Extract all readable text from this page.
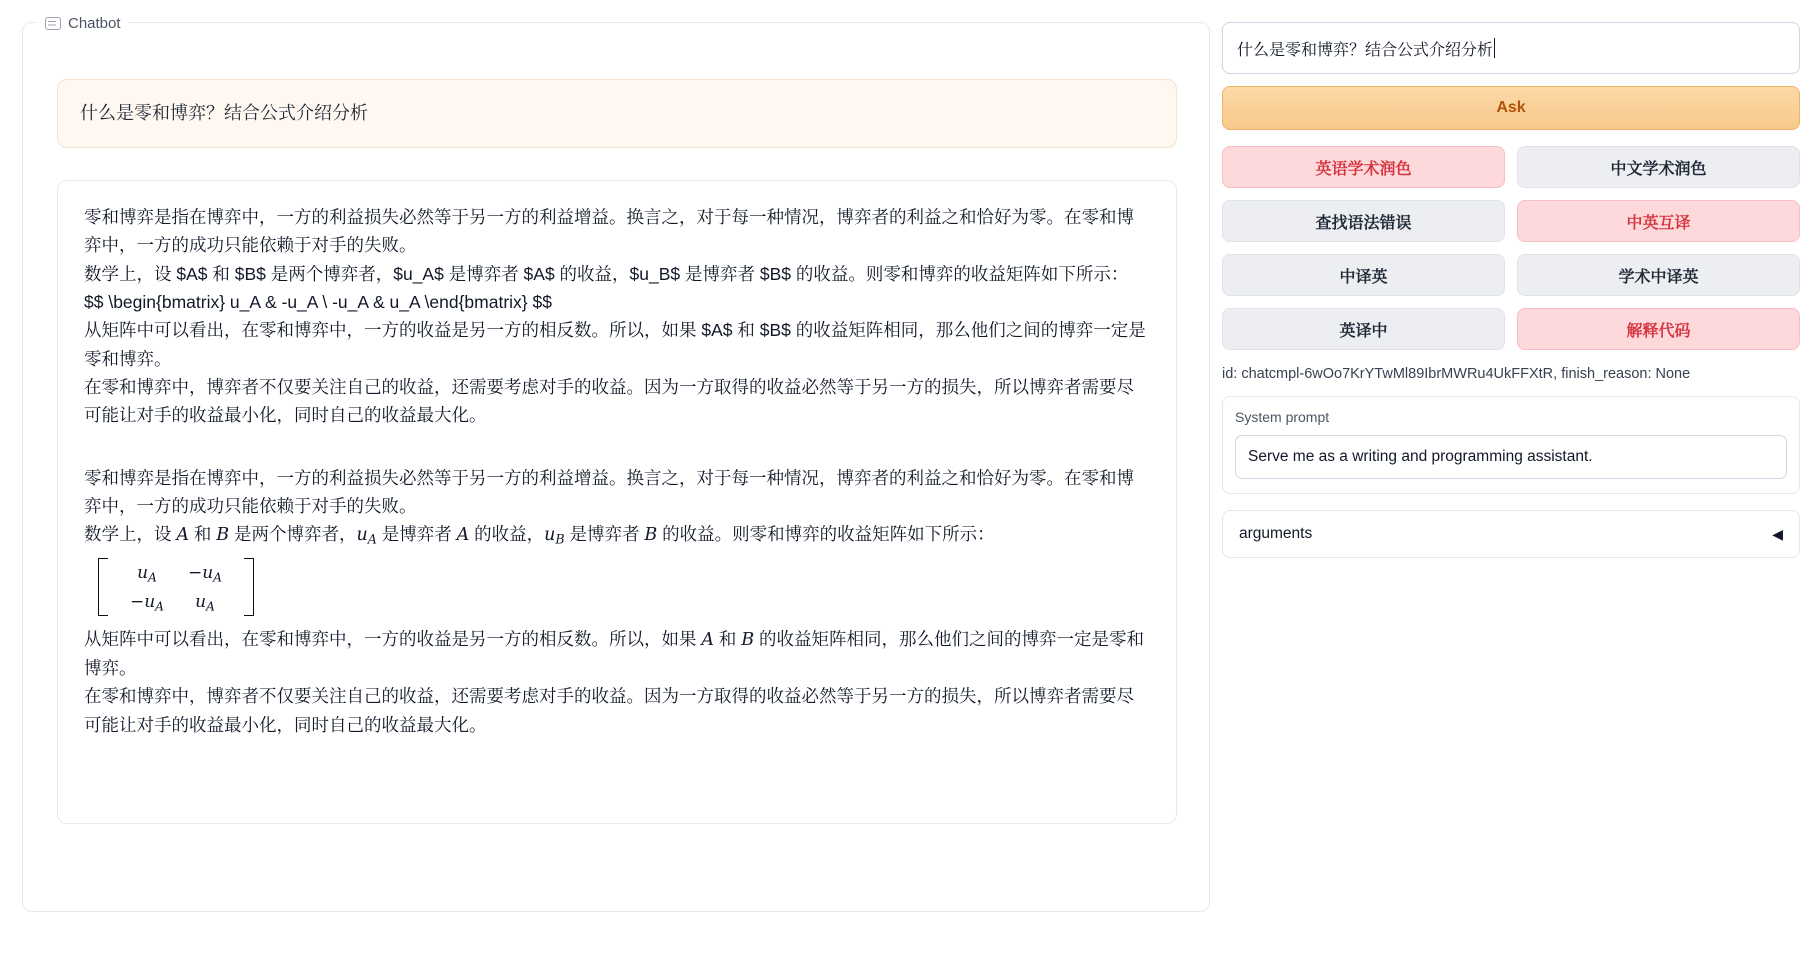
Chatbot
什么是零和博弈？结合公式介绍分析

零和博弈是指在博弈中，一方的利益损失必然等于另一方的利益增益。换言之，对于每一种情况，博弈者的利益之和恰好为零。在零和博弈中，一方的成功只能依赖于对手的失败。

数学上，设 $A$ 和 $B$ 是两个博弈者，$u_A$ 是博弈者 $A$ 的收益，$u_B$ 是博弈者 $B$ 的收益。则零和博弈的收益矩阵如下所示：

$$ \begin{bmatrix} u_A & -u_A \ -u_A & u_A \end{bmatrix} $$

从矩阵中可以看出，在零和博弈中，一方的收益是另一方的相反数。所以，如果 $A$ 和 $B$ 的收益矩阵相同，那么他们之间的博弈一定是零和博弈。

在零和博弈中，博弈者不仅要关注自己的收益，还需要考虑对手的收益。因为一方取得的收益必然等于另一方的损失，所以博弈者需要尽可能让对手的收益最小化，同时自己的收益最大化。

零和博弈是指在博弈中，一方的利益损失必然等于另一方的利益增益。换言之，对于每一种情况，博弈者的利益之和恰好为零。在零和博弈中，一方的成功只能依赖于对手的失败。

数学上，设 A 和 B 是两个博弈者，$u_A$ 是博弈者 A 的收益，$u_B$ 是博弈者 B 的收益。则零和博弈的收益矩阵如下所示：

$u_A -u_A$
$-u_A$ $u_A$

从矩阵中可以看出，在零和博弈中，一方的收益是另一方的相反数。所以，如果 A 和 B 的收益矩阵相同，那么他们之间的博弈一定是零和博弈。

在零和博弈中，博弈者不仅要关注自己的收益，还需要考虑对手的收益。因为一方取得的收益必然等于另一方的损失，所以博弈者需要尽可能让对手的收益最小化，同时自己的收益最大化。

什么是零和博弈？结合公式介绍分析
Ask
英语学术润色	中文学术润色
查找语法错误	中英互译
中译英	学术中译英
英译中	解释代码
id: chatcmpl-6wOo7KrYTwMl89IbrMWRu4UkFFXtR, finish_reason: None
System prompt
Serve me as a writing and programming assistant.
arguments	◀
